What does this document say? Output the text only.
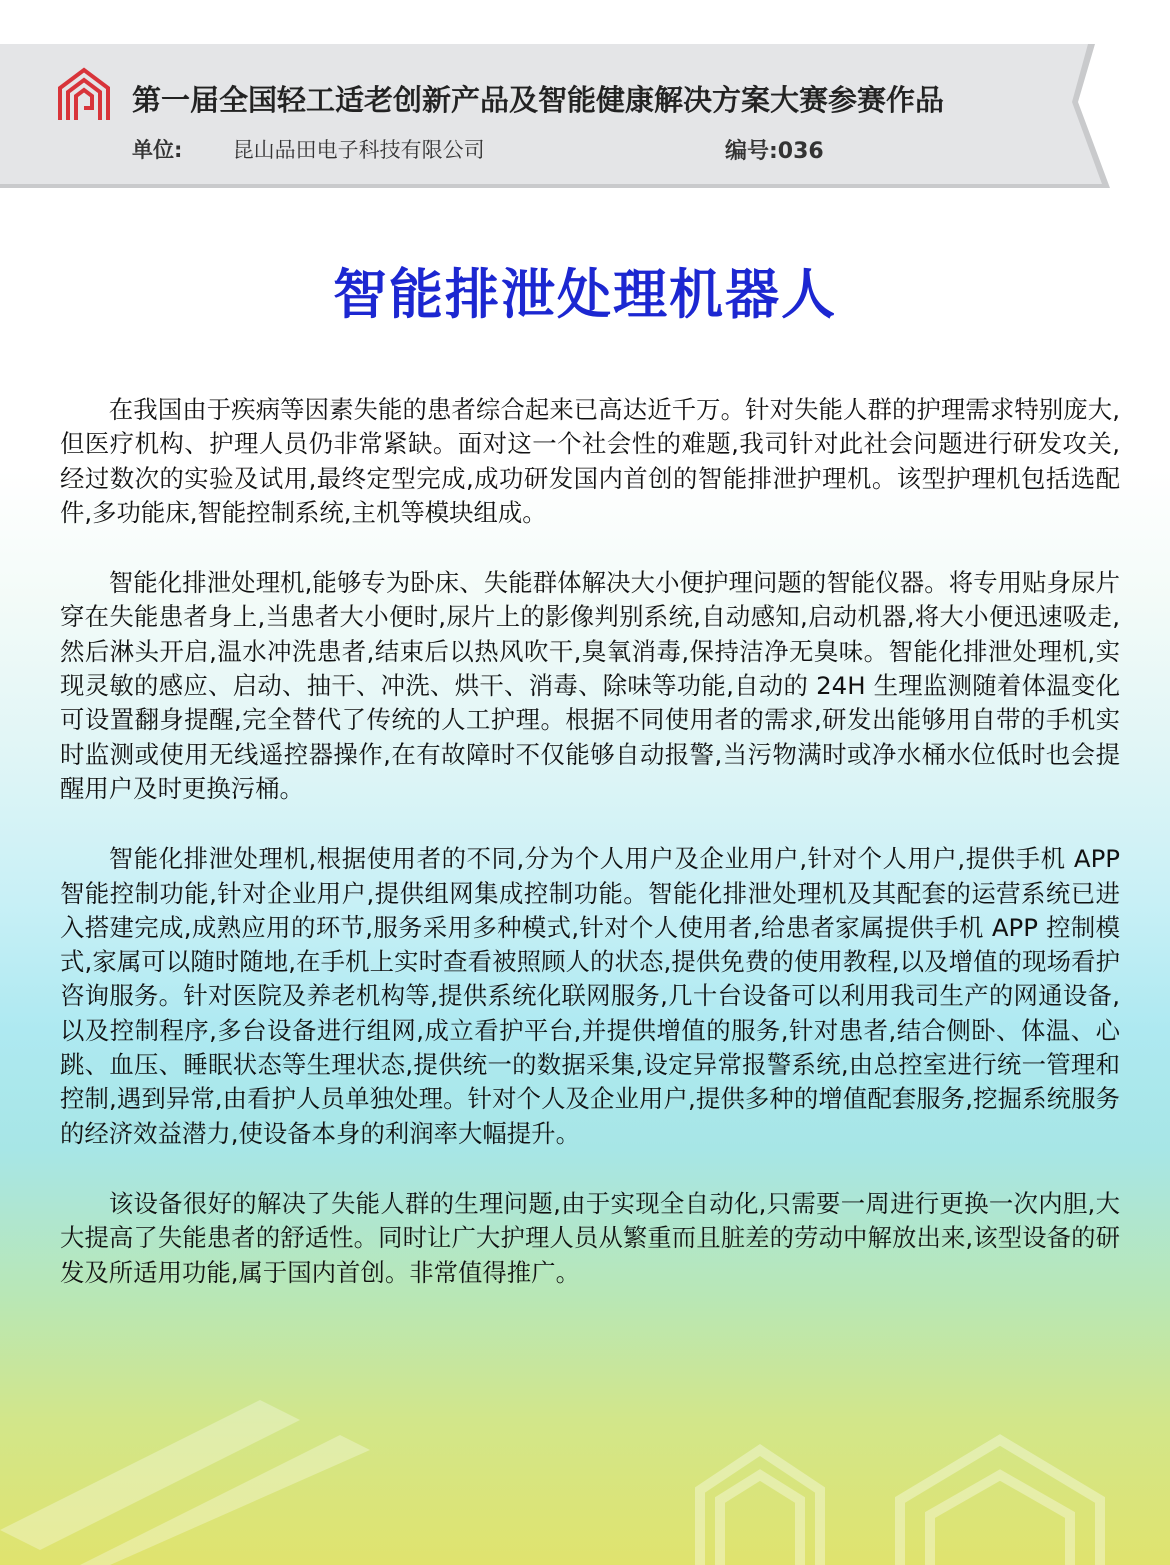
第一届全国轻工适老创新产品及智能健康解决方案大赛参赛作品
单位: 昆山品田电子科技有限公司	编号:036
智能排泄处理机器人

在我国由于疾病等因素失能的患者综合起来已高达近千万。针对失能人群的护理需求特别庞大,但医疗机构、护理人员仍非常紧缺。面对这一个社会性的难题,我司针对此社会问题进行研发攻关,经过数次的实验及试用,最终定型完成,成功研发国内首创的智能排泄护理机。该型护理机包括选配件,多功能床,智能控制系统,主机等模块组成。

智能化排泄处理机,能够专为卧床、失能群体解决大小便护理问题的智能仪器。将专用贴身尿片穿在失能患者身上,当患者大小便时,尿片上的影像判别系统,自动感知,启动机器,将大小便迅速吸走,然后淋头开启,温水冲洗患者,结束后以热风吹干,臭氧消毒,保持洁净无臭味。智能化排泄处理机,实现灵敏的感应、启动、抽干、冲洗、烘干、消毒、除味等功能,自动的 24H 生理监测随着体温变化可设置翻身提醒,完全替代了传统的人工护理。根据不同使用者的需求,研发出能够用自带的手机实时监测或使用无线遥控器操作,在有故障时不仅能够自动报警,当污物满时或净水桶水位低时也会提醒用户及时更换污桶。

智能化排泄处理机,根据使用者的不同,分为个人用户及企业用户,针对个人用户,提供手机 APP 智能控制功能,针对企业用户,提供组网集成控制功能。智能化排泄处理机及其配套的运营系统已进入搭建完成,成熟应用的环节,服务采用多种模式,针对个人使用者,给患者家属提供手机 APP 控制模式,家属可以随时随地,在手机上实时查看被照顾人的状态,提供免费的使用教程,以及增值的现场看护咨询服务。针对医院及养老机构等,提供系统化联网服务,几十台设备可以利用我司生产的网通设备,以及控制程序,多台设备进行组网,成立看护平台,并提供增值的服务,针对患者,结合侧卧、体温、心跳、血压、睡眠状态等生理状态,提供统一的数据采集,设定异常报警系统,由总控室进行统一管理和控制,遇到异常,由看护人员单独处理。针对个人及企业用户,提供多种的增值配套服务,挖掘系统服务的经济效益潜力,使设备本身的利润率大幅提升。

该设备很好的解决了失能人群的生理问题,由于实现全自动化,只需要一周进行更换一次内胆,大大提高了失能患者的舒适性。同时让广大护理人员从繁重而且脏差的劳动中解放出来,该型设备的研发及所适用功能,属于国内首创。非常值得推广。
